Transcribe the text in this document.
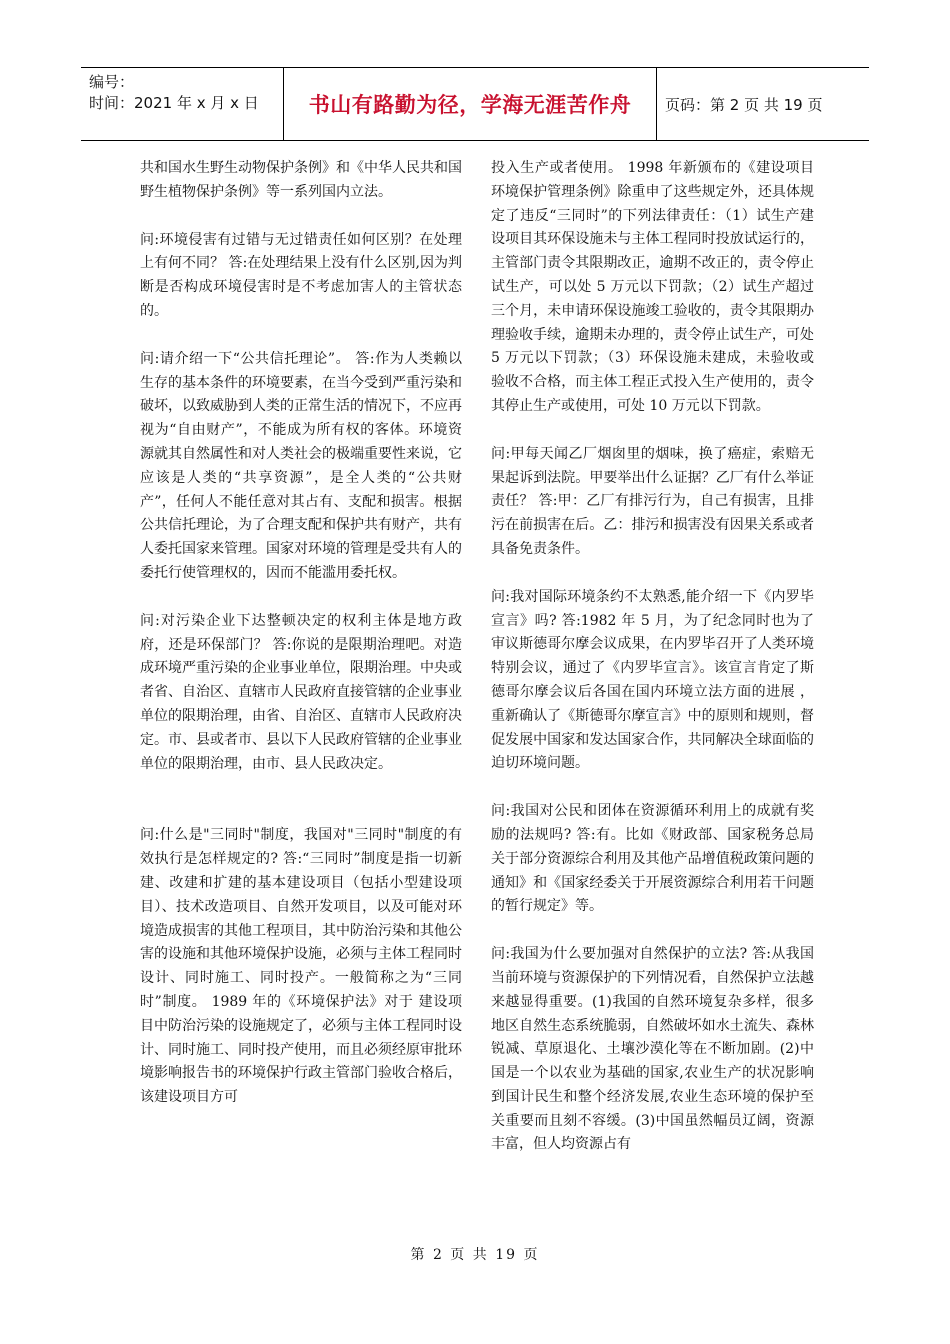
编号：
时间：2021 年 x 月 x 日	书山有路勤为径，学海无涯苦作舟	页码：第 2 页 共 19 页

共和国水生野生动物保护条例》和《中华人民共和国野生植物保护条例》等一系列国内立法。

问:环境侵害有过错与无过错责任如何区别？在处理上有何不同？ 答:在处理结果上没有什么区别,因为判断是否构成环境侵害时是不考虑加害人的主管状态的。

问:请介绍一下“公共信托理论”。 答:作为人类赖以生存的基本条件的环境要素，在当今受到严重污染和破坏，以致威胁到人类的正常生活的情况下，不应再视为“自由财产”，不能成为所有权的客体。环境资源就其自然属性和对人类社会的极端重要性来说，它应该是人类的“共享资源”，是全人类的“公共财产”，任何人不能任意对其占有、支配和损害。根据公共信托理论，为了合理支配和保护共有财产，共有人委托国家来管理。国家对环境的管理是受共有人的委托行使管理权的，因而不能滥用委托权。

问:对污染企业下达整顿决定的权利主体是地方政府，还是环保部门？ 答:你说的是限期治理吧。对造成环境严重污染的企业事业单位，限期治理。中央或者省、自治区、直辖市人民政府直接管辖的企业事业单位的限期治理，由省、自治区、直辖市人民政府决定。市、县或者市、县以下人民政府管辖的企业事业单位的限期治理，由市、县人民政决定。

问:什么是"三同时"制度，我国对"三同时"制度的有效执行是怎样规定的? 答:“三同时”制度是指一切新建、改建和扩建的基本建设项目（包括小型建设项目）、技术改造项目、自然开发项目，以及可能对环境造成损害的其他工程项目，其中防治污染和其他公害的设施和其他环境保护设施，必须与主体工程同时设计、同时施工、同时投产。一般简称之为“三同时”制度。 1989 年的《环境保护法》对于 建设项目中防治污染的设施规定了，必须与主体工程同时设计、同时施工、同时投产使用，而且必须经原审批环境影响报告书的环境保护行政主管部门验收合格后，该建设项目方可

投入生产或者使用。 1998 年新颁布的《建设项目环境保护管理条例》除重申了这些规定外，还具体规定了违反“三同时”的下列法律责任：（1）试生产建设项目其环保设施未与主体工程同时投放试运行的，主管部门责令其限期改正，逾期不改正的，责令停止试生产，可以处 5 万元以下罚款；（2）试生产超过三个月，未申请环保设施竣工验收的，责令其限期办理验收手续，逾期未办理的，责令停止试生产，可处 5 万元以下罚款；（3）环保设施未建成，未验收或验收不合格，而主体工程正式投入生产使用的，责令其停止生产或使用，可处 10 万元以下罚款。

问:甲每天闻乙厂烟囱里的烟味，换了癌症，索赔无果起诉到法院。甲要举出什么证据？乙厂有什么举证责任？ 答:甲：乙厂有排污行为，自己有损害，且排污在前损害在后。乙：排污和损害没有因果关系或者具备免责条件。

问:我对国际环境条约不太熟悉,能介绍一下《内罗毕宣言》吗? 答:1982 年 5 月，为了纪念同时也为了审议斯德哥尔摩会议成果，在内罗毕召开了人类环境特别会议，通过了《内罗毕宣言》。该宣言肯定了斯德哥尔摩会议后各国在国内环境立法方面的进展 ，重新确认了《斯德哥尔摩宣言》中的原则和规则，督促发展中国家和发达国家合作，共同解决全球面临的迫切环境问题。

问:我国对公民和团体在资源循环利用上的成就有奖励的法规吗? 答:有。比如《财政部、国家税务总局关于部分资源综合利用及其他产品增值税政策问题的通知》和《国家经委关于开展资源综合利用若干问题的暂行规定》等。

问:我国为什么要加强对自然保护的立法? 答:从我国当前环境与资源保护的下列情况看，自然保护立法越来越显得重要。(1)我国的自然环境复杂多样，很多地区自然生态系统脆弱，自然破坏如水土流失、森林锐减、草原退化、土壤沙漠化等在不断加剧。(2)中国是一个以农业为基础的国家,农业生产的状况影响到国计民生和整个经济发展,农业生态环境的保护至关重要而且刻不容缓。(3)中国虽然幅员辽阔，资源丰富，但人均资源占有

第 2 页 共 19 页
